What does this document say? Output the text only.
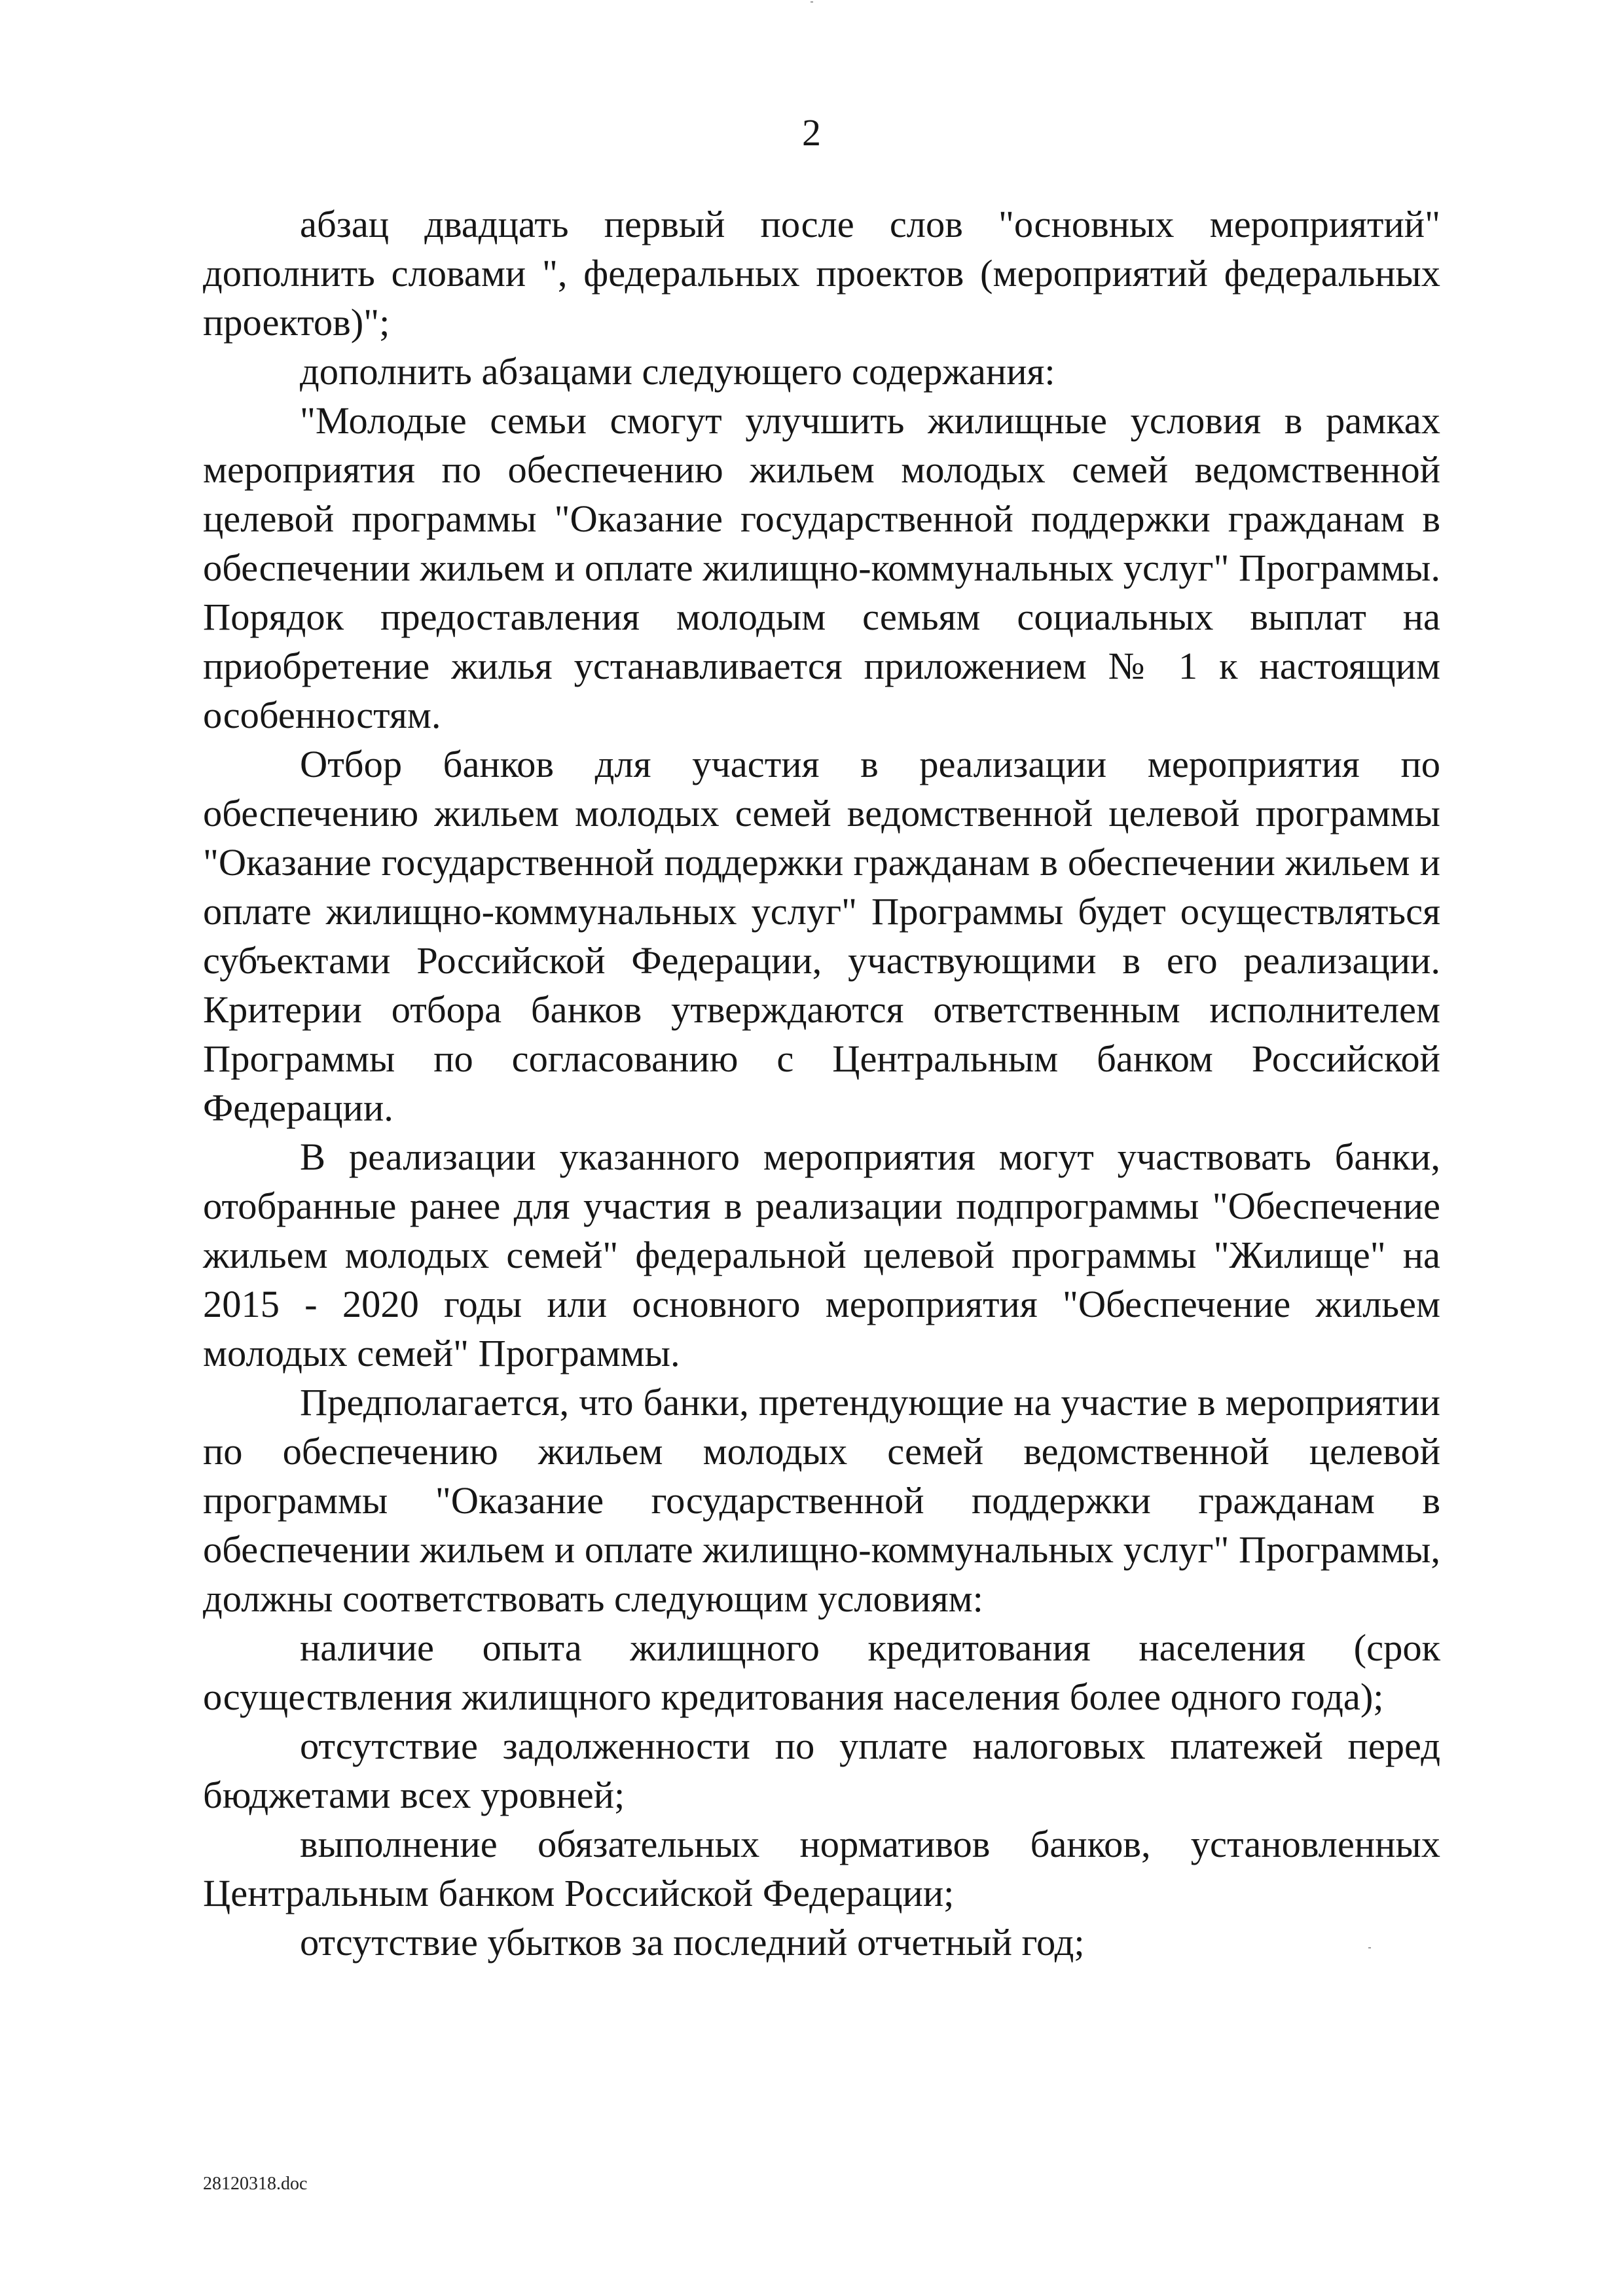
2

абзац двадцать первый после слов "основных мероприятий" дополнить словами ", федеральных проектов (мероприятий федеральных проектов)";

дополнить абзацами следующего содержания:

"Молодые семьи смогут улучшить жилищные условия в рамках мероприятия по обеспечению жильем молодых семей ведомственной целевой программы "Оказание государственной поддержки гражданам в обеспечении жильем и оплате жилищно-коммунальных услуг" Программы. Порядок предоставления молодым семьям социальных выплат на приобретение жилья устанавливается приложением № 1 к настоящим особенностям.

Отбор банков для участия в реализации мероприятия по обеспечению жильем молодых семей ведомственной целевой программы "Оказание государственной поддержки гражданам в обеспечении жильем и оплате жилищно-коммунальных услуг" Программы будет осуществляться субъектами Российской Федерации, участвующими в его реализации. Критерии отбора банков утверждаются ответственным исполнителем Программы по согласованию с Центральным банком Российской Федерации.

В реализации указанного мероприятия могут участвовать банки, отобранные ранее для участия в реализации подпрограммы "Обеспечение жильем молодых семей" федеральной целевой программы "Жилище" на 2015 - 2020 годы или основного мероприятия "Обеспечение жильем молодых семей" Программы.

Предполагается, что банки, претендующие на участие в мероприятии по обеспечению жильем молодых семей ведомственной целевой программы "Оказание государственной поддержки гражданам в обеспечении жильем и оплате жилищно-коммунальных услуг" Программы, должны соответствовать следующим условиям:

наличие опыта жилищного кредитования населения (срок осуществления жилищного кредитования населения более одного года);

отсутствие задолженности по уплате налоговых платежей перед бюджетами всех уровней;

выполнение обязательных нормативов банков, установленных Центральным банком Российской Федерации;

отсутствие убытков за последний отчетный год;

28120318.doc
